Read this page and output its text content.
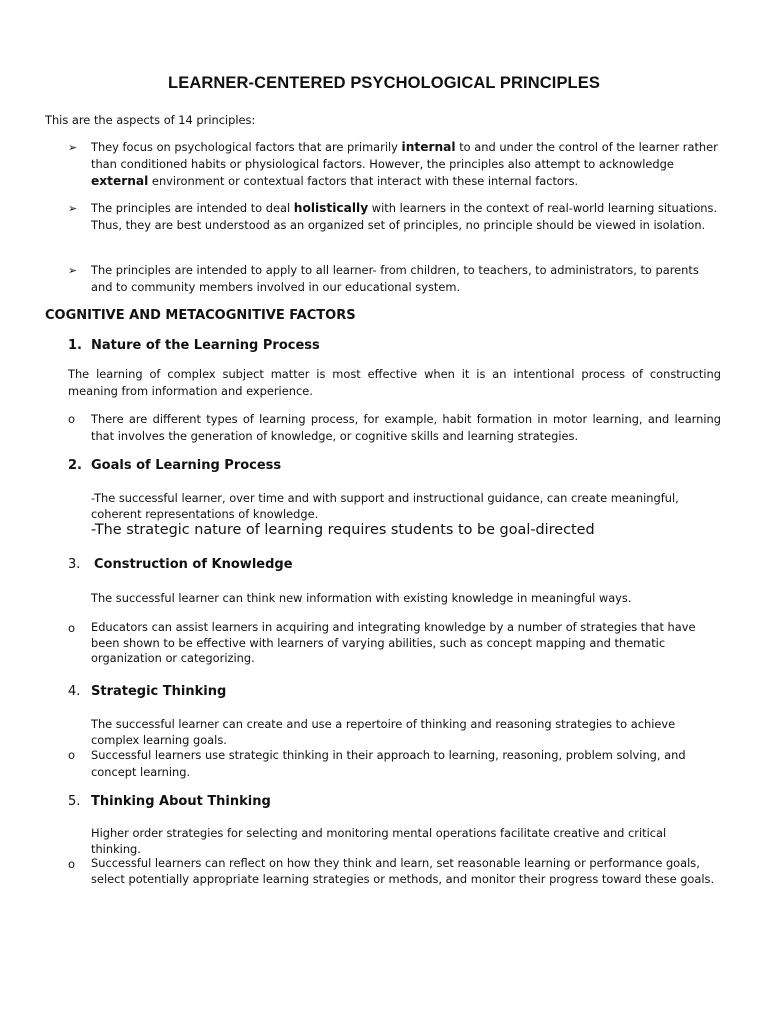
LEARNER-CENTERED PSYCHOLOGICAL PRINCIPLES

This are the aspects of 14 principles:

➢ They focus on psychological factors that are primarily internal to and under the control of the learner rather than conditioned habits or physiological factors. However, the principles also attempt to acknowledge external environment or contextual factors that interact with these internal factors.

➢ The principles are intended to deal holistically with learners in the context of real-world learning situations. Thus, they are best understood as an organized set of principles, no principle should be viewed in isolation.

➢ The principles are intended to apply to all learner- from children, to teachers, to administrators, to parents and to community members involved in our educational system.

COGNITIVE AND METACOGNITIVE FACTORS

1. Nature of the Learning Process

The learning of complex subject matter is most effective when it is an intentional process of constructing meaning from information and experience.

o There are different types of learning process, for example, habit formation in motor learning, and learning that involves the generation of knowledge, or cognitive skills and learning strategies.

2. Goals of Learning Process

-The successful learner, over time and with support and instructional guidance, can create meaningful, coherent representations of knowledge.

-The strategic nature of learning requires students to be goal-directed

3. Construction of Knowledge

The successful learner can think new information with existing knowledge in meaningful ways.

o Educators can assist learners in acquiring and integrating knowledge by a number of strategies that have been shown to be effective with learners of varying abilities, such as concept mapping and thematic organization or categorizing.

4. Strategic Thinking

The successful learner can create and use a repertoire of thinking and reasoning strategies to achieve complex learning goals.

o Successful learners use strategic thinking in their approach to learning, reasoning, problem solving, and concept learning.

5. Thinking About Thinking

Higher order strategies for selecting and monitoring mental operations facilitate creative and critical thinking.

o Successful learners can reflect on how they think and learn, set reasonable learning or performance goals, select potentially appropriate learning strategies or methods, and monitor their progress toward these goals.
